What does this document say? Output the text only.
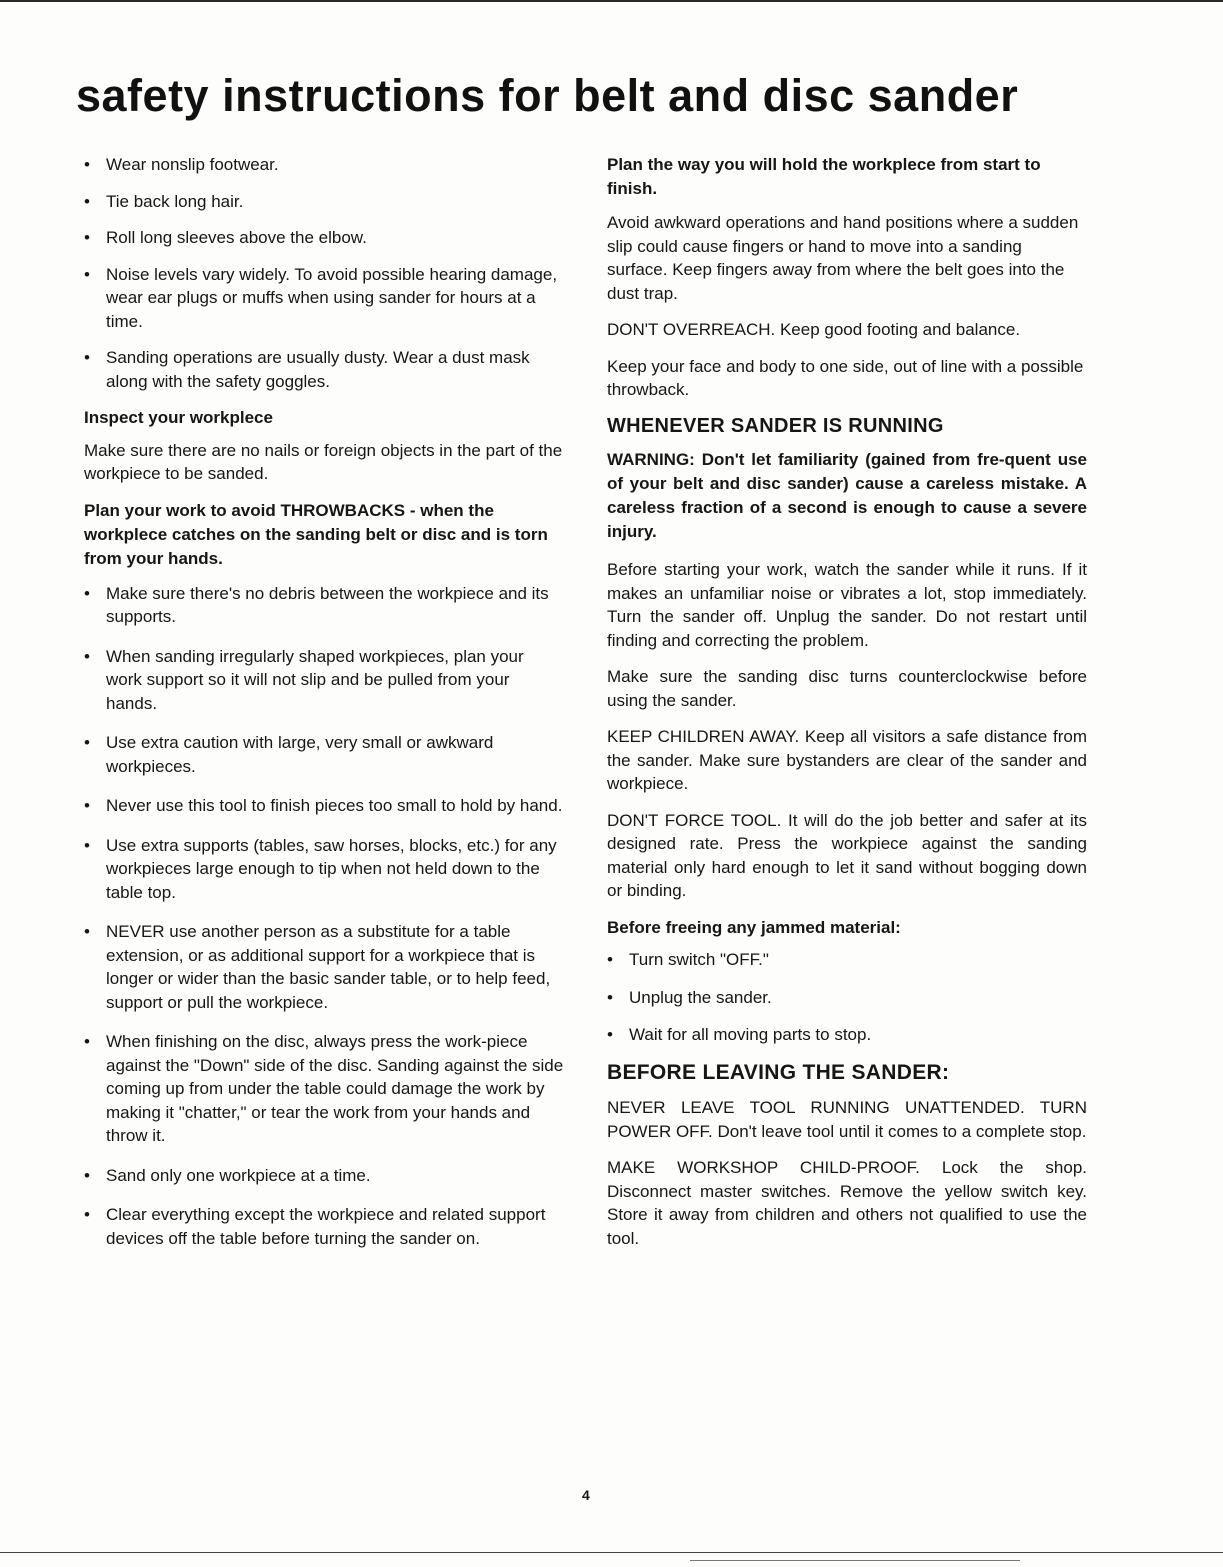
safety instructions for belt and disc sander
• Wear nonslip footwear.
• Tie back long hair.
• Roll long sleeves above the elbow.
• Noise levels vary widely. To avoid possible hearing damage, wear ear plugs or muffs when using sander for hours at a time.
• Sanding operations are usually dusty. Wear a dust mask along with the safety goggles.
Inspect your workplece

Make sure there are no nails or foreign objects in the part of the workpiece to be sanded.

Plan your work to avoid THROWBACKS - when the workplece catches on the sanding belt or disc and is torn from your hands.
• Make sure there's no debris between the workpiece and its supports.
• When sanding irregularly shaped workpieces, plan your work support so it will not slip and be pulled from your hands.
• Use extra caution with large, very small or awkward workpieces.
• Never use this tool to finish pieces too small to hold by hand.
• Use extra supports (tables, saw horses, blocks, etc.) for any workpieces large enough to tip when not held down to the table top.
• NEVER use another person as a substitute for a table extension, or as additional support for a workpiece that is longer or wider than the basic sander table, or to help feed, support or pull the workpiece.
• When finishing on the disc, always press the work-piece against the "Down" side of the disc. Sanding against the side coming up from under the table could damage the work by making it "chatter," or tear the work from your hands and throw it.
• Sand only one workpiece at a time.
• Clear everything except the workpiece and related support devices off the table before turning the sander on.
Plan the way you will hold the workplece from start to finish.

Avoid awkward operations and hand positions where a sudden slip could cause fingers or hand to move into a sanding surface. Keep fingers away from where the belt goes into the dust trap.

DON'T OVERREACH. Keep good footing and balance.

Keep your face and body to one side, out of line with a possible throwback.

WHENEVER SANDER IS RUNNING

WARNING: Don't let familiarity (gained from fre-quent use of your belt and disc sander) cause a careless mistake. A careless fraction of a second is enough to cause a severe injury.

Before starting your work, watch the sander while it runs. If it makes an unfamiliar noise or vibrates a lot, stop immediately. Turn the sander off. Unplug the sander. Do not restart until finding and correcting the problem.

Make sure the sanding disc turns counterclockwise before using the sander.

KEEP CHILDREN AWAY. Keep all visitors a safe distance from the sander. Make sure bystanders are clear of the sander and workpiece.

DON'T FORCE TOOL. It will do the job better and safer at its designed rate. Press the workpiece against the sanding material only hard enough to let it sand without bogging down or binding.

Before freeing any jammed material:
• Turn switch "OFF."
• Unplug the sander.
• Wait for all moving parts to stop.
BEFORE LEAVING THE SANDER:

NEVER LEAVE TOOL RUNNING UNATTENDED. TURN POWER OFF. Don't leave tool until it comes to a complete stop.

MAKE WORKSHOP CHILD-PROOF. Lock the shop. Disconnect master switches. Remove the yellow switch key. Store it away from children and others not qualified to use the tool.

4
